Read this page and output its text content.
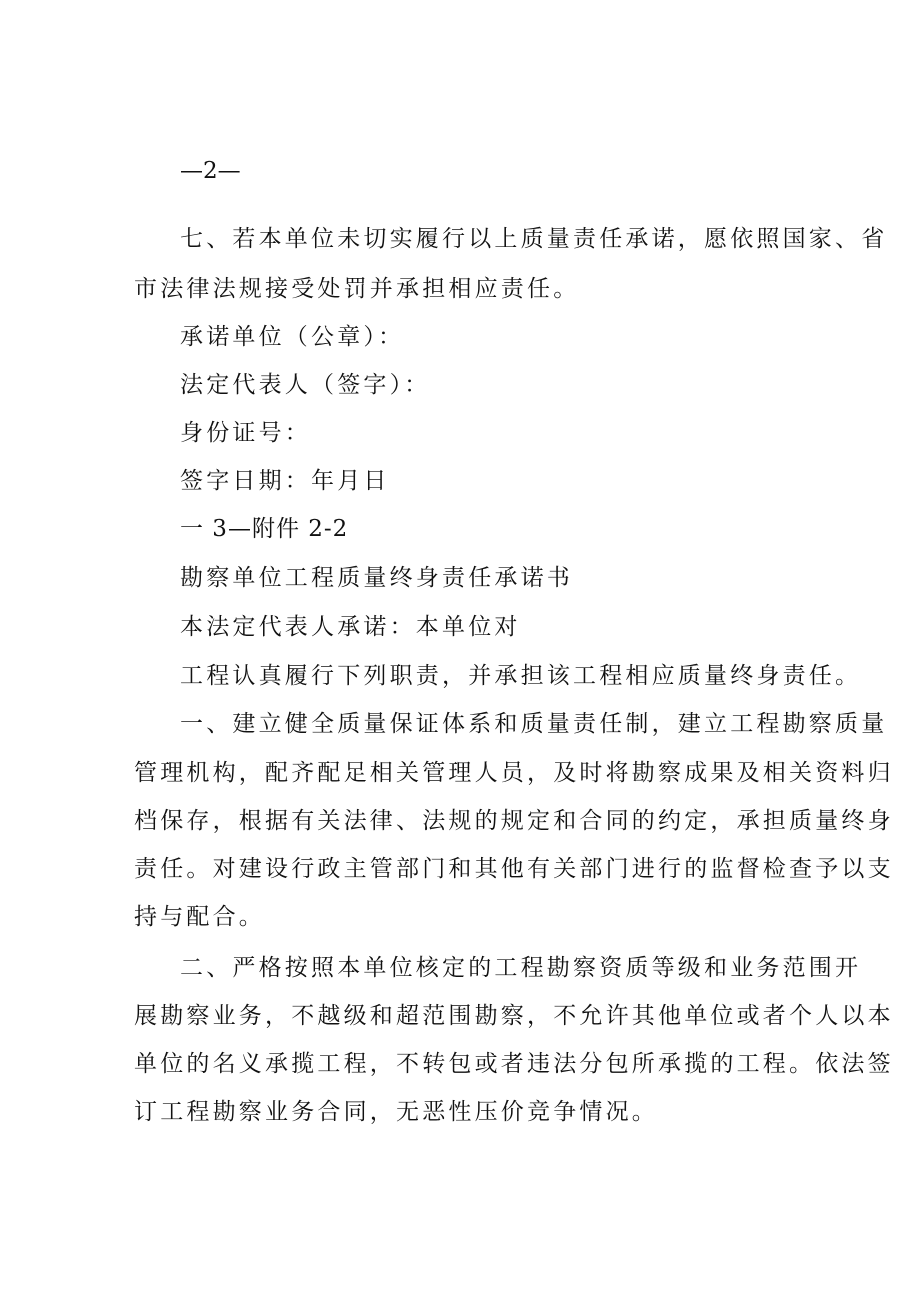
—2—
七、若本单位未切实履行以上质量责任承诺，愿依照国家、省
市法律法规接受处罚并承担相应责任。
承诺单位（公章）：
法定代表人（签字）：
身份证号：
签字日期：年月日
一 3—附件 2-2
勘察单位工程质量终身责任承诺书
本法定代表人承诺：本单位对
工程认真履行下列职责，并承担该工程相应质量终身责任。
一、建立健全质量保证体系和质量责任制，建立工程勘察质量
管理机构，配齐配足相关管理人员，及时将勘察成果及相关资料归
档保存，根据有关法律、法规的规定和合同的约定，承担质量终身
责任。对建设行政主管部门和其他有关部门进行的监督检查予以支
持与配合。
二、严格按照本单位核定的工程勘察资质等级和业务范围开
展勘察业务，不越级和超范围勘察，不允许其他单位或者个人以本
单位的名义承揽工程，不转包或者违法分包所承揽的工程。依法签
订工程勘察业务合同，无恶性压价竞争情况。
